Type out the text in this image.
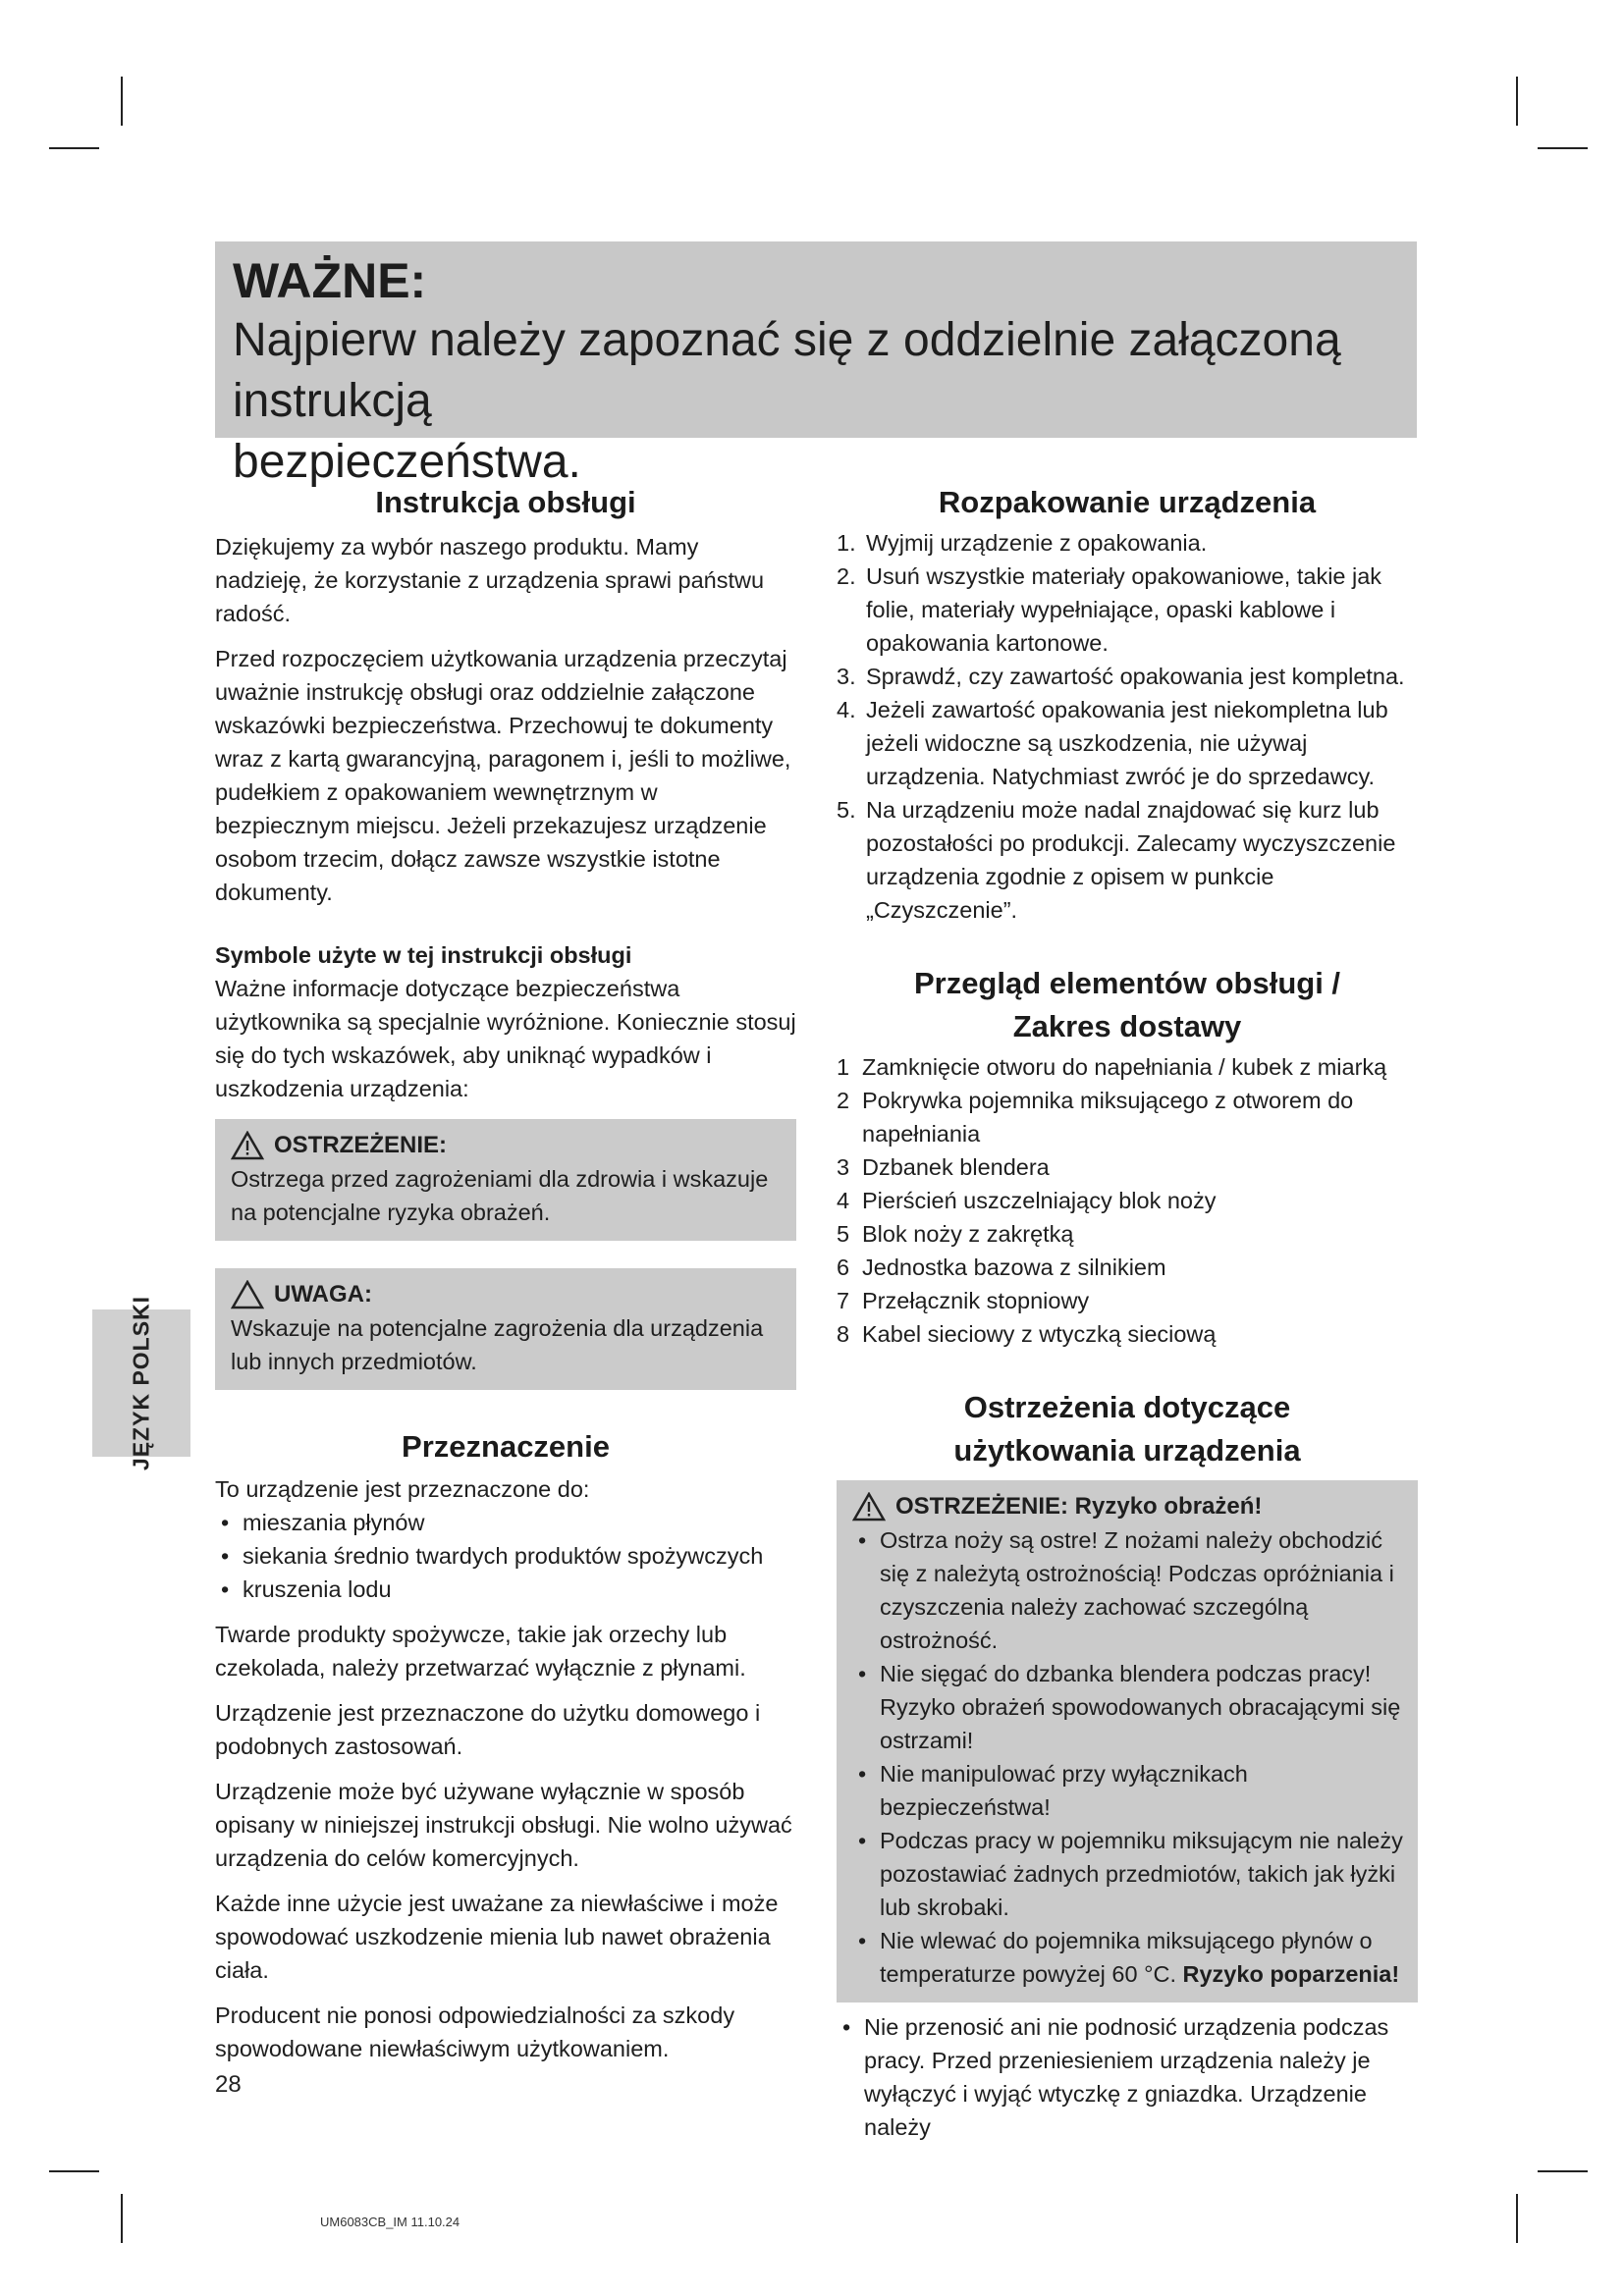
WAŻNE:
Najpierw należy zapoznać się z oddzielnie załączoną instrukcją
bezpieczeństwa.
Instrukcja obsługi

Dziękujemy za wybór naszego produktu. Mamy nadzieję, że korzystanie z urządzenia sprawi państwu radość.

Przed rozpoczęciem użytkowania urządzenia przeczytaj uważnie instrukcję obsługi oraz oddzielnie załączone wskazówki bezpieczeństwa. Przechowuj te dokumenty wraz z kartą gwarancyjną, paragonem i, jeśli to możliwe, pudełkiem z opakowaniem wewnętrznym w bezpiecznym miejscu. Jeżeli przekazujesz urządzenie osobom trzecim, dołącz zawsze wszystkie istotne dokumenty.

Symbole użyte w tej instrukcji obsługi

Ważne informacje dotyczące bezpieczeństwa użytkownika są specjalnie wyróżnione. Koniecznie stosuj się do tych wskazówek, aby uniknąć wypadków i uszkodzenia urządzenia:

OSTRZEŻENIE:
Ostrzega przed zagrożeniami dla zdrowia i wskazuje na potencjalne ryzyka obrażeń.
UWAGA:
Wskazuje na potencjalne zagrożenia dla urządzenia lub innych przedmiotów.
Przeznaczenie
To urządzenie jest przeznaczone do:
• mieszania płynów
• siekania średnio twardych produktów spożywczych
• kruszenia lodu

Twarde produkty spożywcze, takie jak orzechy lub czekolada, należy przetwarzać wyłącznie z płynami.

Urządzenie jest przeznaczone do użytku domowego i podobnych zastosowań.

Urządzenie może być używane wyłącznie w sposób opisany w niniejszej instrukcji obsługi. Nie wolno używać urządzenia do celów komercyjnych.

Każde inne użycie jest uważane za niewłaściwe i może spowodować uszkodzenie mienia lub nawet obrażenia ciała.

Producent nie ponosi odpowiedzialności za szkody spowodowane niewłaściwym użytkowaniem.

Rozpakowanie urządzenia
1. Wyjmij urządzenie z opakowania.
2. Usuń wszystkie materiały opakowaniowe, takie jak folie, materiały wypełniające, opaski kablowe i opakowania kartonowe.
3. Sprawdź, czy zawartość opakowania jest kompletna.
4. Jeżeli zawartość opakowania jest niekompletna lub jeżeli widoczne są uszkodzenia, nie używaj urządzenia. Natychmiast zwróć je do sprzedawcy.
5. Na urządzeniu może nadal znajdować się kurz lub pozostałości po produkcji. Zalecamy wyczyszczenie urządzenia zgodnie z opisem w punkcie „Czyszczenie”.
Przegląd elementów obsługi /
Zakres dostawy
1 Zamknięcie otworu do napełniania / kubek z miarką
2 Pokrywka pojemnika miksującego z otworem do napełniania
3 Dzbanek blendera
4 Pierścień uszczelniający blok noży
5 Blok noży z zakrętką
6 Jednostka bazowa z silnikiem
7 Przełącznik stopniowy
8 Kabel sieciowy z wtyczką sieciową
Ostrzeżenia dotyczące
użytkowania urządzenia
OSTRZEŻENIE: Ryzyko obrażeń!
• Ostrza noży są ostre! Z nożami należy obchodzić się z należytą ostrożnością! Podczas opróżniania i czyszczenia należy zachować szczególną ostrożność.
• Nie sięgać do dzbanka blendera podczas pracy! Ryzyko obrażeń spowodowanych obracającymi się ostrzami!
• Nie manipulować przy wyłącznikach bezpieczeństwa!
• Podczas pracy w pojemniku miksującym nie należy pozostawiać żadnych przedmiotów, takich jak łyżki lub skrobaki.
• Nie wlewać do pojemnika miksującego płynów o temperaturze powyżej 60 °C. Ryzyko poparzenia!
• Nie przenosić ani nie podnosić urządzenia podczas pracy. Przed przeniesieniem urządzenia należy je wyłączyć i wyjąć wtyczkę z gniazdka. Urządzenie należy
JĘZYK POLSKI
28
UM6083CB_IM 11.10.24
